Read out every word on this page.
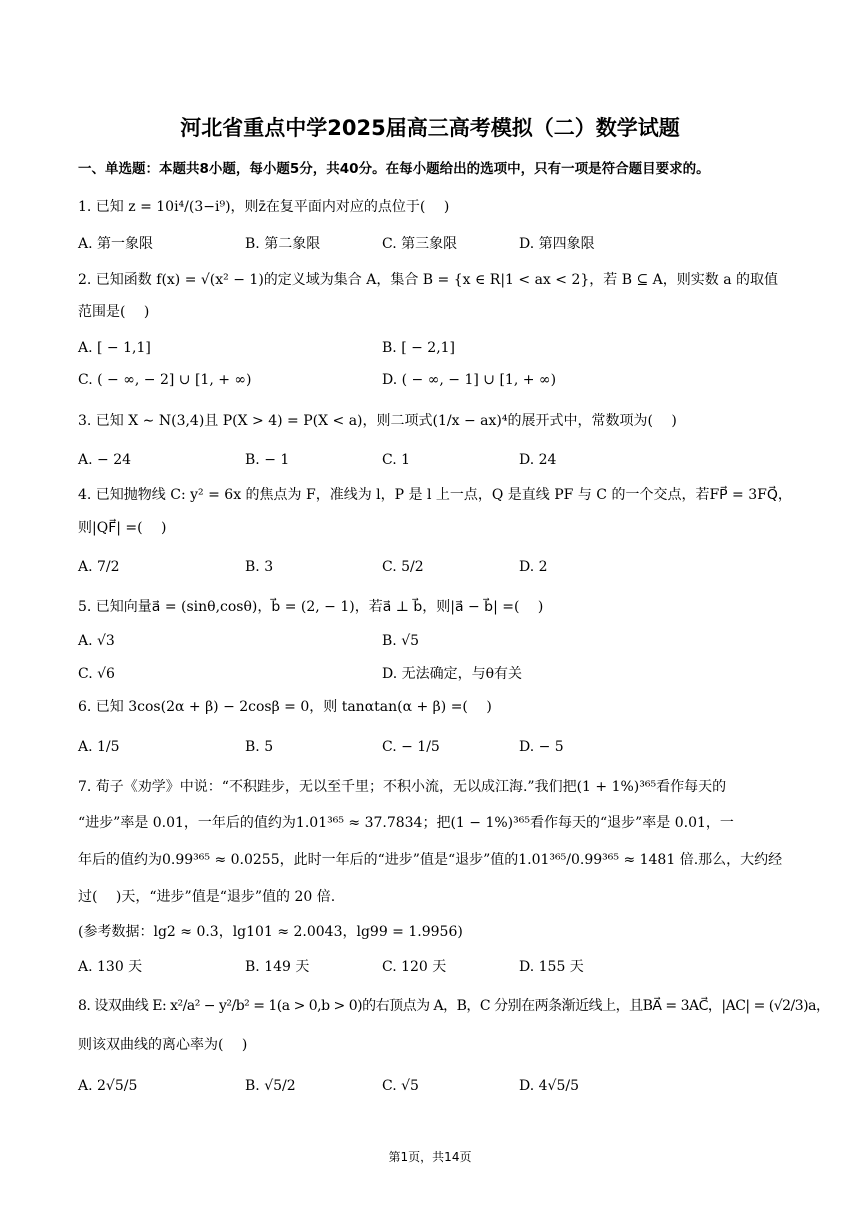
河北省重点中学2025届高三高考模拟（二）数学试题
一、单选题：本题共8小题，每小题5分，共40分。在每小题给出的选项中，只有一项是符合题目要求的。
1. 已知 z = 10i⁴/(3−i⁹)，则z̄在复平面内对应的点位于(　 )
A. 第一象限	B. 第二象限	C. 第三象限	D. 第四象限
2. 已知函数 f(x) = √(x² − 1)的定义域为集合 A，集合 B = {x ∈ R|1 < ax < 2}，若 B ⊆ A，则实数 a 的取值
范围是(　 )
A. [ − 1,1]	B. [ − 2,1]
C. ( − ∞, − 2] ∪ [1, + ∞)	D. ( − ∞, − 1] ∪ [1, + ∞)
3. 已知 X ∼ N(3,4)且 P(X > 4) = P(X < a)，则二项式(1/x − ax)⁴的展开式中，常数项为(　 )
A. − 24	B. − 1	C. 1	D. 24
4. 已知抛物线 C: y² = 6x 的焦点为 F，准线为 l，P 是 l 上一点，Q 是直线 PF 与 C 的一个交点，若FP⃗ = 3FQ⃗，
则|QF⃗| =(　 )
A. 7/2	B. 3	C. 5/2	D. 2
5. 已知向量a⃗ = (sinθ,cosθ)，b⃗ = (2, − 1)，若a⃗ ⊥ b⃗，则|a⃗ − b⃗| =(　 )
A. √3	B. √5
C. √6	D. 无法确定，与θ有关
6. 已知 3cos(2α + β) − 2cosβ = 0，则 tanαtan(α + β) =(　 )
A. 1/5	B. 5	C. − 1/5	D. − 5
7. 荀子《劝学》中说：“不积跬步，无以至千里；不积小流，无以成江海.”我们把(1 + 1%)³⁶⁵看作每天的
“进步”率是 0.01，一年后的值约为1.01³⁶⁵ ≈ 37.7834；把(1 − 1%)³⁶⁵看作每天的“退步”率是 0.01，一
年后的值约为0.99³⁶⁵ ≈ 0.0255，此时一年后的“进步”值是“退步”值的1.01³⁶⁵/0.99³⁶⁵ ≈ 1481 倍.那么，大约经
过(　 )天，“进步”值是“退步”值的 20 倍.
(参考数据：lg2 ≈ 0.3，lg101 ≈ 2.0043，lg99 = 1.9956)
A. 130 天	B. 149 天	C. 120 天	D. 155 天
8. 设双曲线 E: x²/a² − y²/b² = 1(a > 0,b > 0)的右顶点为 A，B，C 分别在两条渐近线上，且BA⃗ = 3AC⃗，|AC| = (√2/3)a，
则该双曲线的离心率为(　 )
A. 2√5/5	B. √5/2	C. √5	D. 4√5/5
第1页，共14页
